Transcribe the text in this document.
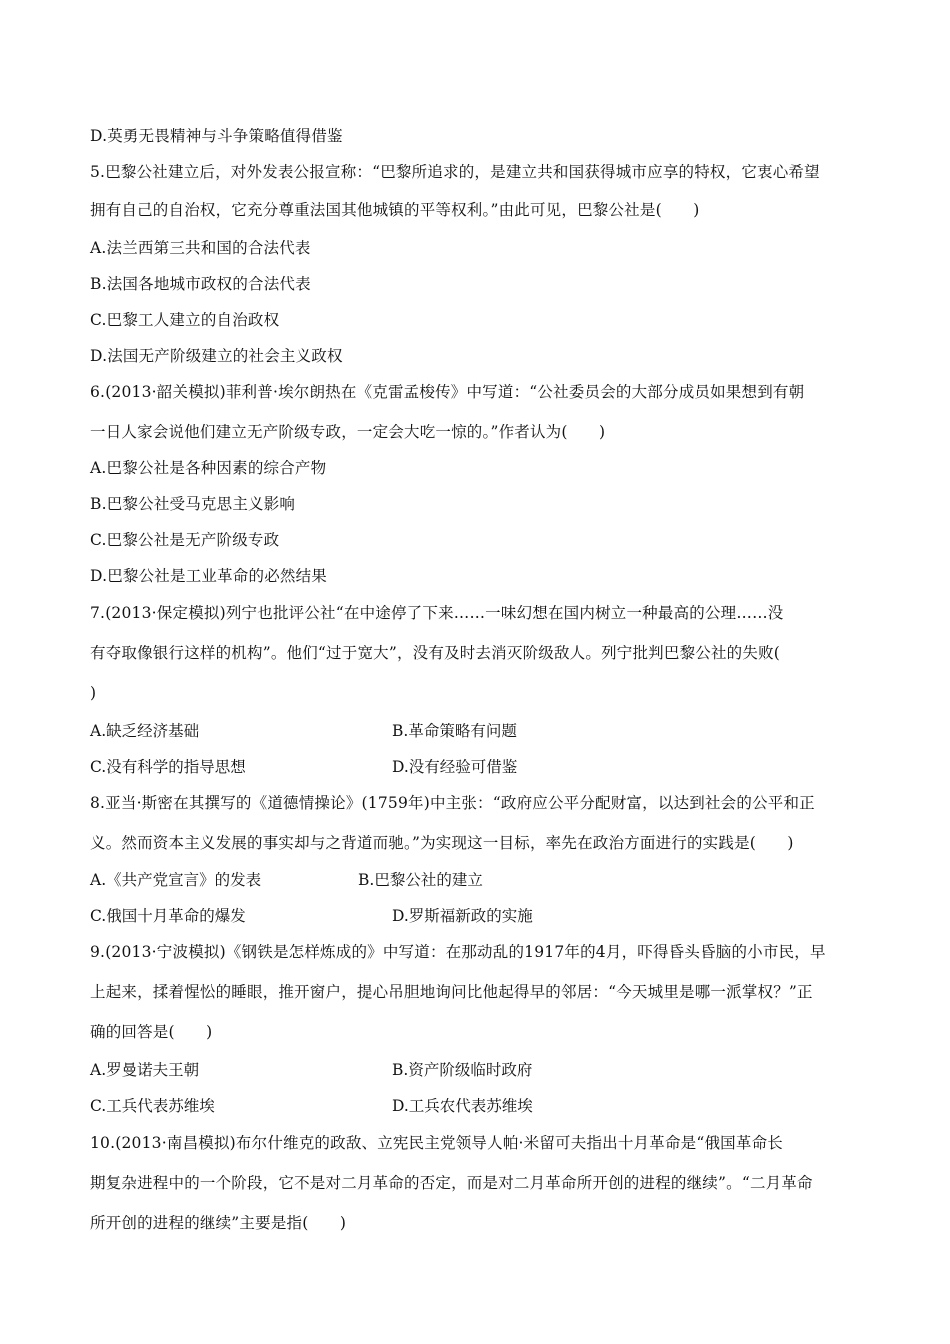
D.英勇无畏精神与斗争策略值得借鉴
5.巴黎公社建立后，对外发表公报宣称：“巴黎所追求的，是建立共和国获得城市应享的特权，它衷心希望
拥有自己的自治权，它充分尊重法国其他城镇的平等权利。”由此可见，巴黎公社是(　　)
A.法兰西第三共和国的合法代表
B.法国各地城市政权的合法代表
C.巴黎工人建立的自治政权
D.法国无产阶级建立的社会主义政权
6.(2013·韶关模拟)菲利普·埃尔朗热在《克雷孟梭传》中写道：“公社委员会的大部分成员如果想到有朝
一日人家会说他们建立无产阶级专政，一定会大吃一惊的。”作者认为(　　)
A.巴黎公社是各种因素的综合产物
B.巴黎公社受马克思主义影响
C.巴黎公社是无产阶级专政
D.巴黎公社是工业革命的必然结果
7.(2013·保定模拟)列宁也批评公社“在中途停了下来……一味幻想在国内树立一种最高的公理……没
有夺取像银行这样的机构”。他们“过于宽大”，没有及时去消灭阶级敌人。列宁批判巴黎公社的失败(
)
A.缺乏经济基础	B.革命策略有问题
C.没有科学的指导思想	D.没有经验可借鉴
8.亚当·斯密在其撰写的《道德情操论》(1759年)中主张：“政府应公平分配财富，以达到社会的公平和正
义。然而资本主义发展的事实却与之背道而驰。”为实现这一目标，率先在政治方面进行的实践是(　　)
A.《共产党宣言》的发表	B.巴黎公社的建立
C.俄国十月革命的爆发	D.罗斯福新政的实施
9.(2013·宁波模拟)《钢铁是怎样炼成的》中写道：在那动乱的1917年的4月，吓得昏头昏脑的小市民，早
上起来，揉着惺忪的睡眼，推开窗户，提心吊胆地询问比他起得早的邻居：“今天城里是哪一派掌权？”正
确的回答是(　　)
A.罗曼诺夫王朝	B.资产阶级临时政府
C.工兵代表苏维埃	D.工兵农代表苏维埃
10.(2013·南昌模拟)布尔什维克的政敌、立宪民主党领导人帕·米留可夫指出十月革命是“俄国革命长
期复杂进程中的一个阶段，它不是对二月革命的否定，而是对二月革命所开创的进程的继续”。“二月革命
所开创的进程的继续”主要是指(　　)
